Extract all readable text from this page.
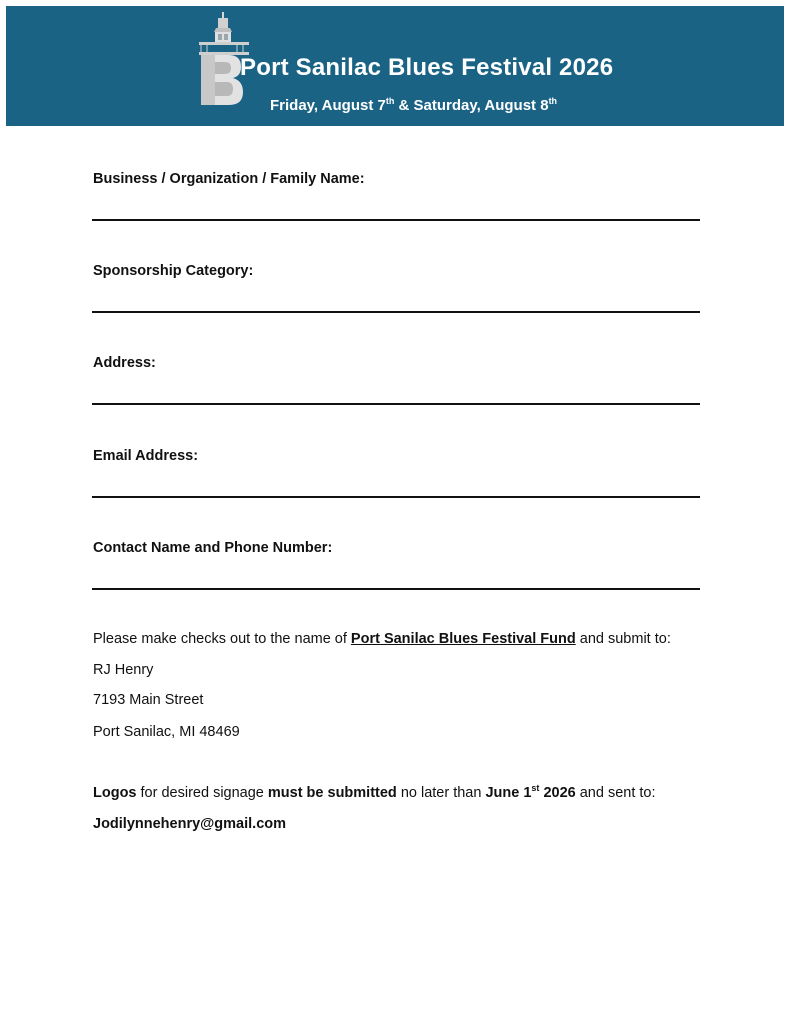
Port Sanilac Blues Festival 2026
Friday, August 7th & Saturday, August 8th
Business / Organization / Family Name:
Sponsorship Category:
Address:
Email Address:
Contact Name and Phone Number:
Please make checks out to the name of Port Sanilac Blues Festival Fund and submit to:
RJ Henry
7193 Main Street
Port Sanilac, MI 48469
Logos for desired signage must be submitted no later than June 1st 2026 and sent to:
Jodilynnehenry@gmail.com
